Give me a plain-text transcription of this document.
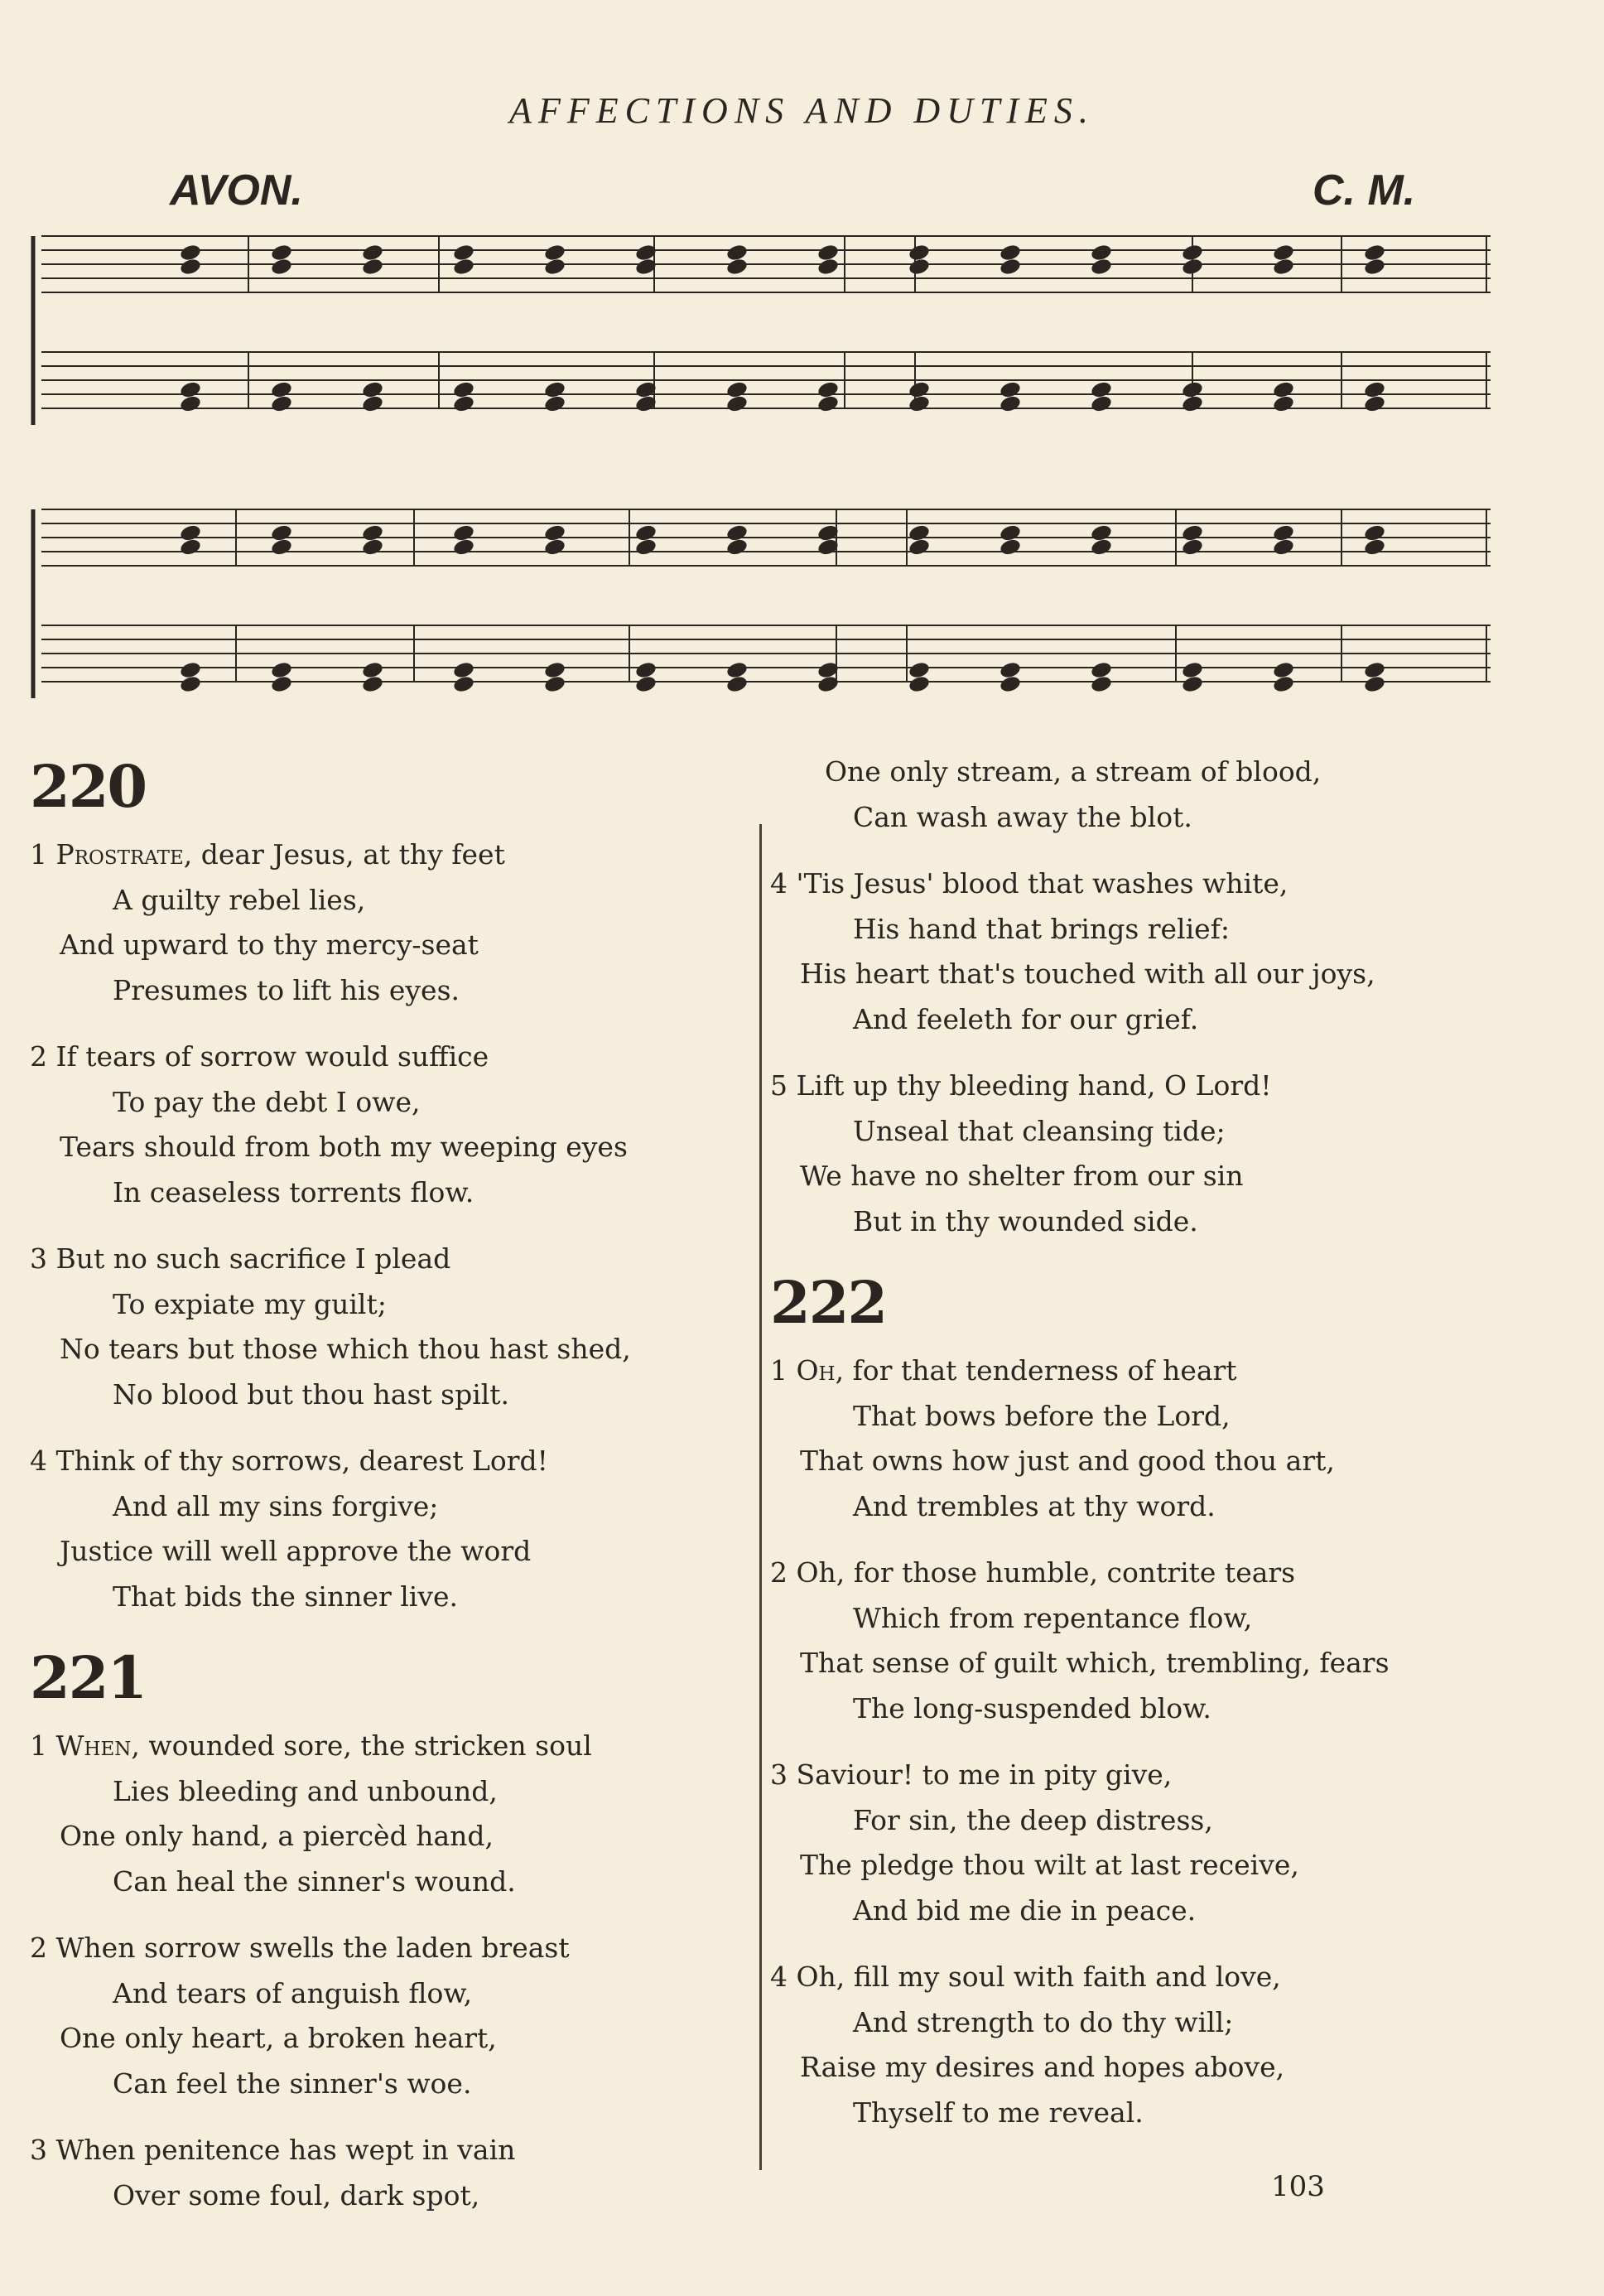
AFFECTIONS AND DUTIES.
AVON.	C. M.
220
1 Prostrate, dear Jesus, at thy feet
A guilty rebel lies,
And upward to thy mercy-seat
Presumes to lift his eyes.
2 If tears of sorrow would suffice
To pay the debt I owe,
Tears should from both my weeping eyes
In ceaseless torrents flow.
3 But no such sacrifice I plead
To expiate my guilt;
No tears but those which thou hast shed,
No blood but thou hast spilt.
4 Think of thy sorrows, dearest Lord!
And all my sins forgive;
Justice will well approve the word
That bids the sinner live.
221
1 When, wounded sore, the stricken soul
Lies bleeding and unbound,
One only hand, a piercèd hand,
Can heal the sinner's wound.
2 When sorrow swells the laden breast
And tears of anguish flow,
One only heart, a broken heart,
Can feel the sinner's woe.
3 When penitence has wept in vain
Over some foul, dark spot,
One only stream, a stream of blood,
Can wash away the blot.
4 'Tis Jesus' blood that washes white,
His hand that brings relief:
His heart that's touched with all our joys,
And feeleth for our grief.
5 Lift up thy bleeding hand, O Lord!
Unseal that cleansing tide;
We have no shelter from our sin
But in thy wounded side.
222
1 Oh, for that tenderness of heart
That bows before the Lord,
That owns how just and good thou art,
And trembles at thy word.
2 Oh, for those humble, contrite tears
Which from repentance flow,
That sense of guilt which, trembling, fears
The long-suspended blow.
3 Saviour! to me in pity give,
For sin, the deep distress,
The pledge thou wilt at last receive,
And bid me die in peace.
4 Oh, fill my soul with faith and love,
And strength to do thy will;
Raise my desires and hopes above,
Thyself to me reveal.
103
